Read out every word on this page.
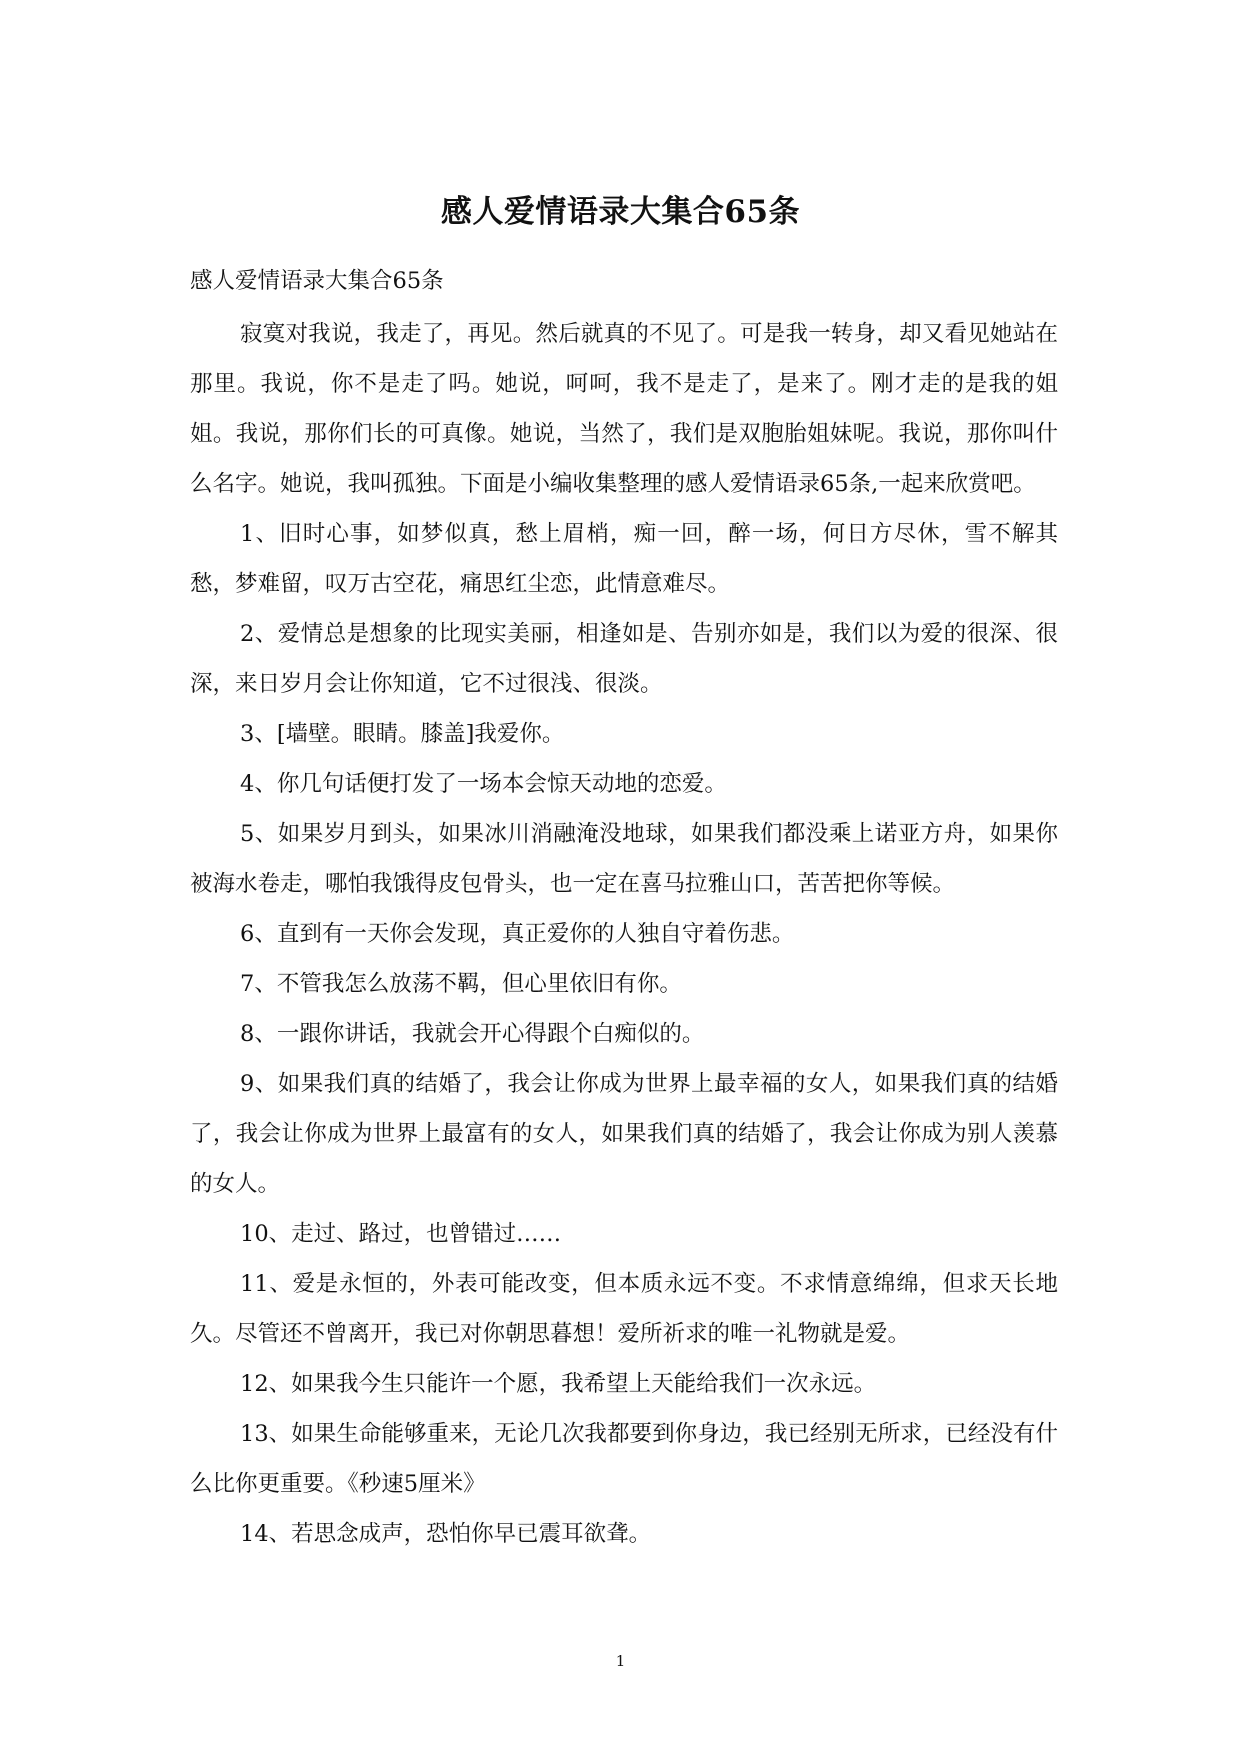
感人爱情语录大集合65条

感人爱情语录大集合65条

寂寞对我说，我走了，再见。然后就真的不见了。可是我一转身，却又看见她站在那里。我说，你不是走了吗。她说，呵呵，我不是走了，是来了。刚才走的是我的姐姐。我说，那你们长的可真像。她说，当然了，我们是双胞胎姐妹呢。我说，那你叫什么名字。她说，我叫孤独。下面是小编收集整理的感人爱情语录65条,一起来欣赏吧。

1、旧时心事，如梦似真，愁上眉梢，痴一回，醉一场，何日方尽休，雪不解其愁，梦难留，叹万古空花，痛思红尘恋，此情意难尽。

2、爱情总是想象的比现实美丽，相逢如是、告别亦如是，我们以为爱的很深、很深，来日岁月会让你知道，它不过很浅、很淡。

3、[墙壁。眼睛。膝盖]我爱你。

4、你几句话便打发了一场本会惊天动地的恋爱。

5、如果岁月到头，如果冰川消融淹没地球，如果我们都没乘上诺亚方舟，如果你被海水卷走，哪怕我饿得皮包骨头，也一定在喜马拉雅山口，苦苦把你等候。

6、直到有一天你会发现，真正爱你的人独自守着伤悲。

7、不管我怎么放荡不羁，但心里依旧有你。

8、一跟你讲话，我就会开心得跟个白痴似的。

9、如果我们真的结婚了，我会让你成为世界上最幸福的女人，如果我们真的结婚了，我会让你成为世界上最富有的女人，如果我们真的结婚了，我会让你成为别人羡慕的女人。

10、走过、路过，也曾错过……

11、爱是永恒的，外表可能改变，但本质永远不变。不求情意绵绵，但求天长地久。尽管还不曾离开，我已对你朝思暮想！爱所祈求的唯一礼物就是爱。

12、如果我今生只能许一个愿，我希望上天能给我们一次永远。

13、如果生命能够重来，无论几次我都要到你身边，我已经别无所求，已经没有什么比你更重要。《秒速5厘米》

14、若思念成声，恐怕你早已震耳欲聋。

1
